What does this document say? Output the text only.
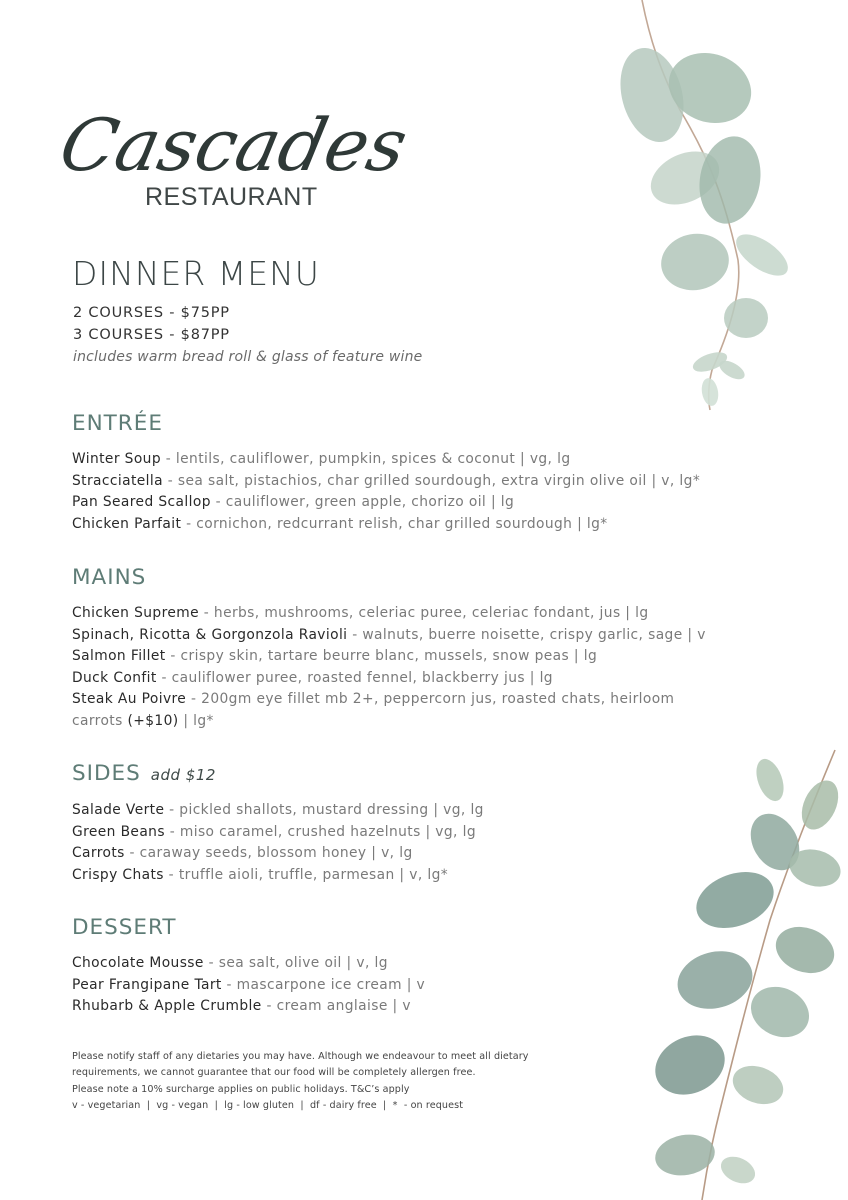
Cascades
RESTAURANT
DINNER MENU
2 COURSES - $75PP
3 COURSES - $87PP
includes warm bread roll & glass of feature wine
ENTRÉE
Winter Soup - lentils, cauliflower, pumpkin, spices & coconut | vg, lg
Stracciatella - sea salt, pistachios, char grilled sourdough, extra virgin olive oil | v, lg*
Pan Seared Scallop - cauliflower, green apple, chorizo oil | lg
Chicken Parfait - cornichon, redcurrant relish, char grilled sourdough | lg*
MAINS
Chicken Supreme - herbs, mushrooms, celeriac puree, celeriac fondant, jus | lg
Spinach, Ricotta & Gorgonzola Ravioli - walnuts, buerre noisette, crispy garlic, sage | v
Salmon Fillet - crispy skin, tartare beurre blanc, mussels, snow peas | lg
Duck Confit - cauliflower puree, roasted fennel, blackberry jus | lg
Steak Au Poivre - 200gm eye fillet mb 2+, peppercorn jus, roasted chats, heirloom carrots (+$10) | lg*
SIDES add $12
Salade Verte - pickled shallots, mustard dressing | vg, lg
Green Beans - miso caramel, crushed hazelnuts | vg, lg
Carrots - caraway seeds, blossom honey | v, lg
Crispy Chats - truffle aioli, truffle, parmesan | v, lg*
DESSERT
Chocolate Mousse - sea salt, olive oil | v, lg
Pear Frangipane Tart - mascarpone ice cream | v
Rhubarb & Apple Crumble - cream anglaise | v
Please notify staff of any dietaries you may have. Although we endeavour to meet all dietary
requirements, we cannot guarantee that our food will be completely allergen free.
Please note a 10% surcharge applies on public holidays. T&C’s apply
v - vegetarian  |  vg - vegan  |  lg - low gluten  |  df - dairy free  |  *  - on request
